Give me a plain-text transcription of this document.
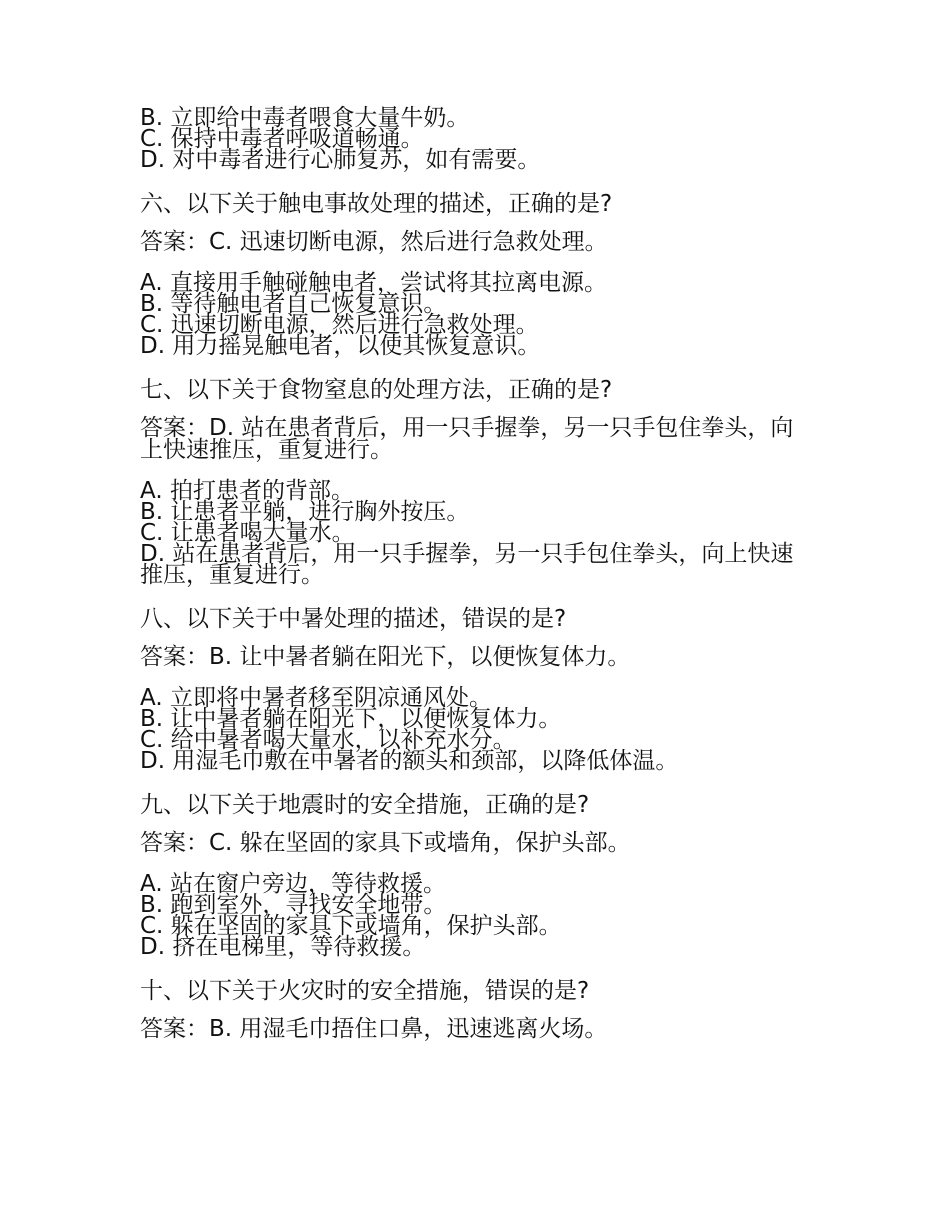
B. 立即给中毒者喂食大量牛奶。

C. 保持中毒者呼吸道畅通。

D. 对中毒者进行心肺复苏，如有需要。

六、以下关于触电事故处理的描述，正确的是?

答案：C. 迅速切断电源，然后进行急救处理。

A. 直接用手触碰触电者，尝试将其拉离电源。

B. 等待触电者自己恢复意识。

C. 迅速切断电源，然后进行急救处理。

D. 用力摇晃触电者，以使其恢复意识。

七、以下关于食物窒息的处理方法，正确的是?

答案：D. 站在患者背后，用一只手握拳，另一只手包住拳头，向上快速推压，重复进行。

A. 拍打患者的背部。

B. 让患者平躺，进行胸外按压。

C. 让患者喝大量水。

D. 站在患者背后，用一只手握拳，另一只手包住拳头，向上快速推压，重复进行。

八、以下关于中暑处理的描述，错误的是?

答案：B. 让中暑者躺在阳光下，以便恢复体力。

A. 立即将中暑者移至阴凉通风处。

B. 让中暑者躺在阳光下，以便恢复体力。

C. 给中暑者喝大量水，以补充水分。

D. 用湿毛巾敷在中暑者的额头和颈部，以降低体温。

九、以下关于地震时的安全措施，正确的是?

答案：C. 躲在坚固的家具下或墙角，保护头部。

A. 站在窗户旁边，等待救援。

B. 跑到室外，寻找安全地带。

C. 躲在坚固的家具下或墙角，保护头部。

D. 挤在电梯里，等待救援。

十、以下关于火灾时的安全措施，错误的是?

答案：B. 用湿毛巾捂住口鼻，迅速逃离火场。
